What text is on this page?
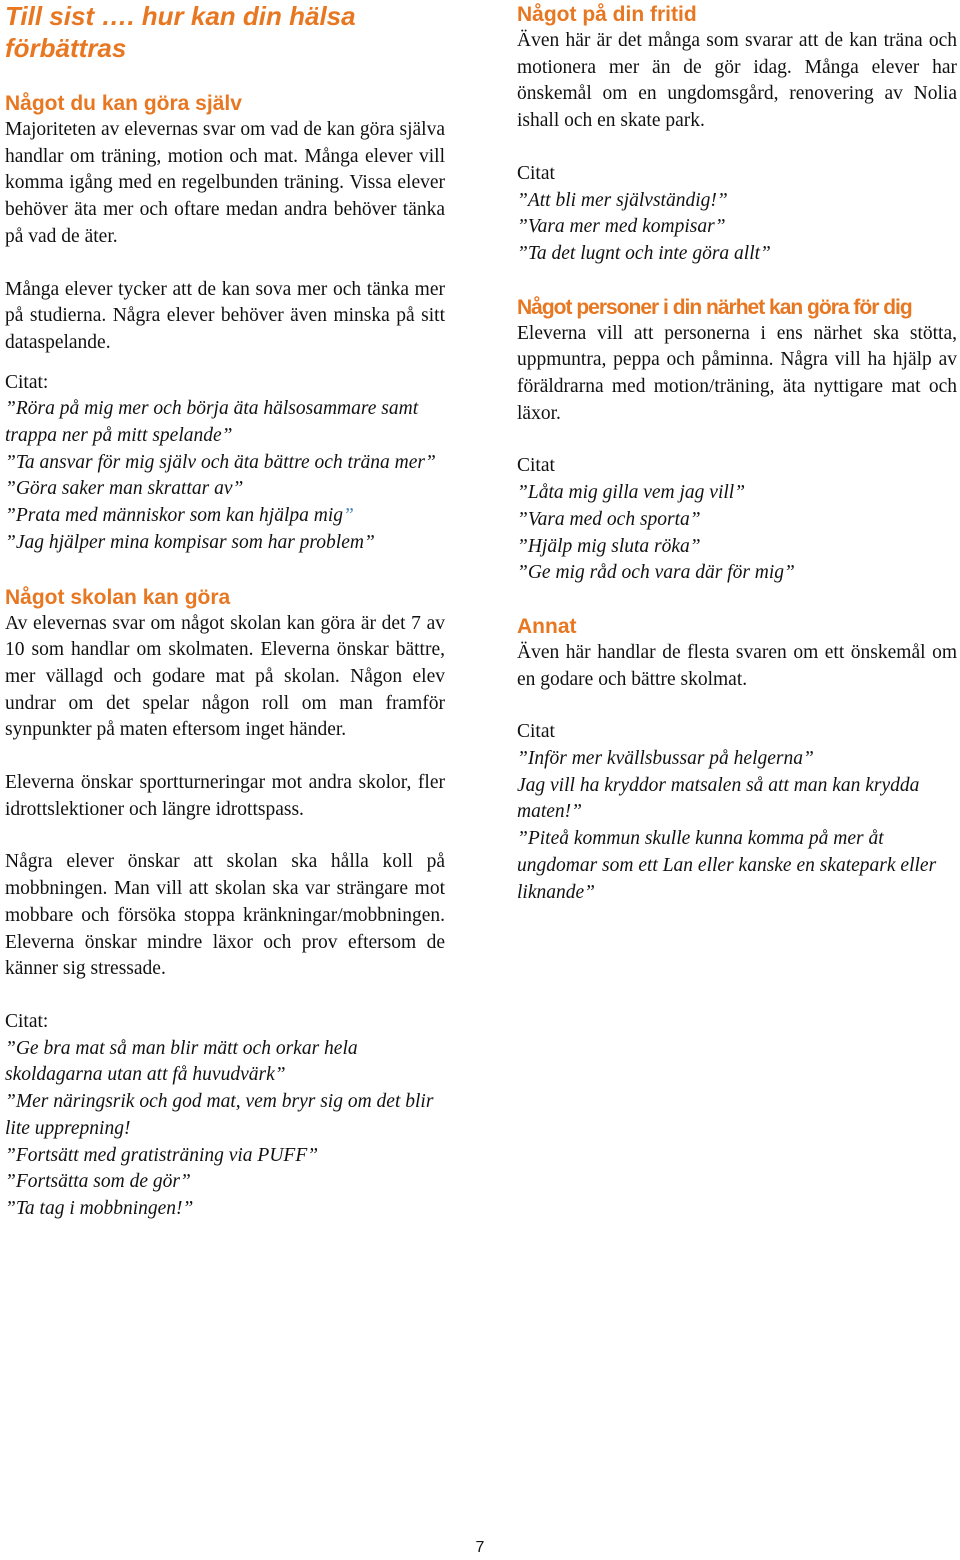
Till sist …. hur kan din hälsa förbättras
Något du kan göra själv

Majoriteten av elevernas svar om vad de kan göra själva handlar om träning, motion och mat. Många elever vill komma igång med en regelbunden träning. Vissa elever behöver äta mer och oftare medan andra behöver tänka på vad de äter.

Många elever tycker att de kan sova mer och tänka mer på studierna. Några elever behöver även minska på sitt dataspelande.

Citat:
”Röra på mig mer och börja äta hälsosammare samt trappa ner på mitt spelande”
”Ta ansvar för mig själv och äta bättre och träna mer”
”Göra saker man skrattar av”
”Prata med människor som kan hjälpa mig”
”Jag hjälper mina kompisar som har problem”
Något skolan kan göra

Av elevernas svar om något skolan kan göra är det 7 av 10 som handlar om skolmaten. Eleverna önskar bättre, mer vällagd och godare mat på skolan. Någon elev undrar om det spelar någon roll om man framför synpunkter på maten eftersom inget händer.

Eleverna önskar sportturneringar mot andra skolor, fler idrottslektioner och längre idrottspass.

Några elever önskar att skolan ska hålla koll på mobbningen. Man vill att skolan ska var strängare mot mobbare och försöka stoppa kränkningar/mobbningen. Eleverna önskar mindre läxor och prov eftersom de känner sig stressade.

Citat:
”Ge bra mat så man blir mätt och orkar hela skoldagarna utan att få huvudvärk”
”Mer näringsrik och god mat, vem bryr sig om det blir lite upprepning!
”Fortsätt med gratisträning via PUFF”
”Fortsätta som de gör”
”Ta tag i mobbningen!”
Något på din fritid

Även här är det många som svarar att de kan träna och motionera mer än de gör idag. Många elever har önskemål om en ungdomsgård, renovering av Nolia ishall och en skate park.

Citat
”Att bli mer självständig!”
”Vara mer med kompisar”
”Ta det lugnt och inte göra allt”
Något personer i din närhet kan göra för dig

Eleverna vill att personerna i ens närhet ska stötta, uppmuntra, peppa och påminna. Några vill ha hjälp av föräldrarna med motion/träning, äta nyttigare mat och läxor.

Citat
”Låta mig gilla vem jag vill”
”Vara med och sporta”
”Hjälp mig sluta röka”
”Ge mig råd och vara där för mig”
Annat

Även här handlar de flesta svaren om ett önskemål om en godare och bättre skolmat.

Citat
”Inför mer kvällsbussar på helgerna”
Jag vill ha kryddor matsalen så att man kan krydda maten!”
”Piteå kommun skulle kunna komma på mer åt ungdomar som ett Lan eller kanske en skatepark eller liknande”
7
